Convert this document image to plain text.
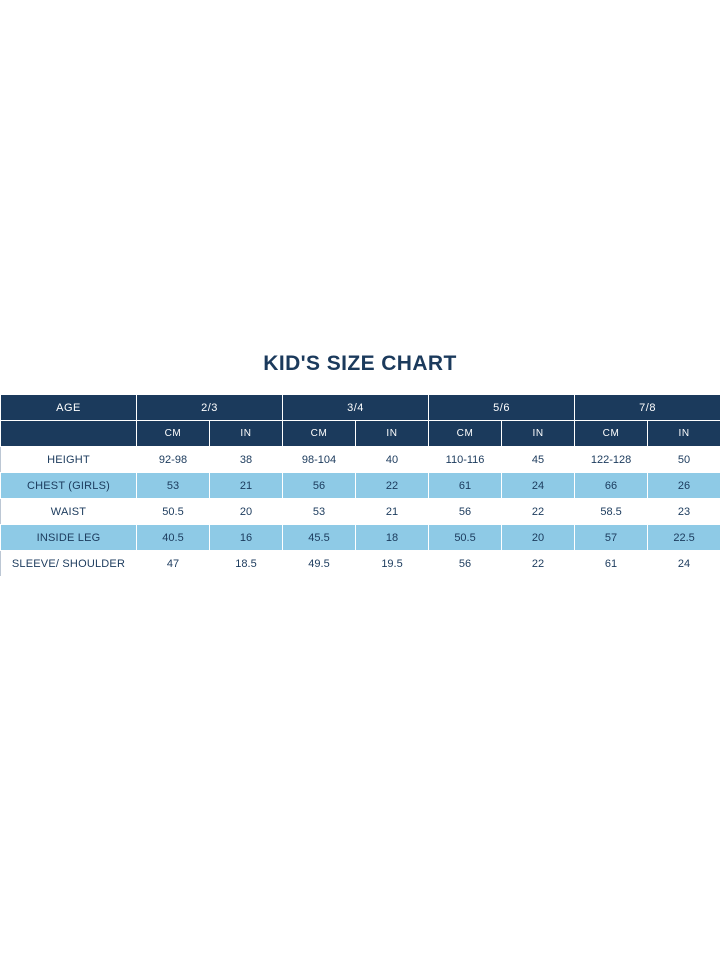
KID'S SIZE CHART
AGE	2/3		3/4		5/6		7/8	
	CM	IN	CM	IN	CM	IN	CM	IN
HEIGHT	92-98	38	98-104	40	110-116	45	122-128	50
CHEST (GIRLS)	53	21	56	22	61	24	66	26
WAIST	50.5	20	53	21	56	22	58.5	23
INSIDE LEG	40.5	16	45.5	18	50.5	20	57	22.5
SLEEVE/ SHOULDER	47	18.5	49.5	19.5	56	22	61	24
